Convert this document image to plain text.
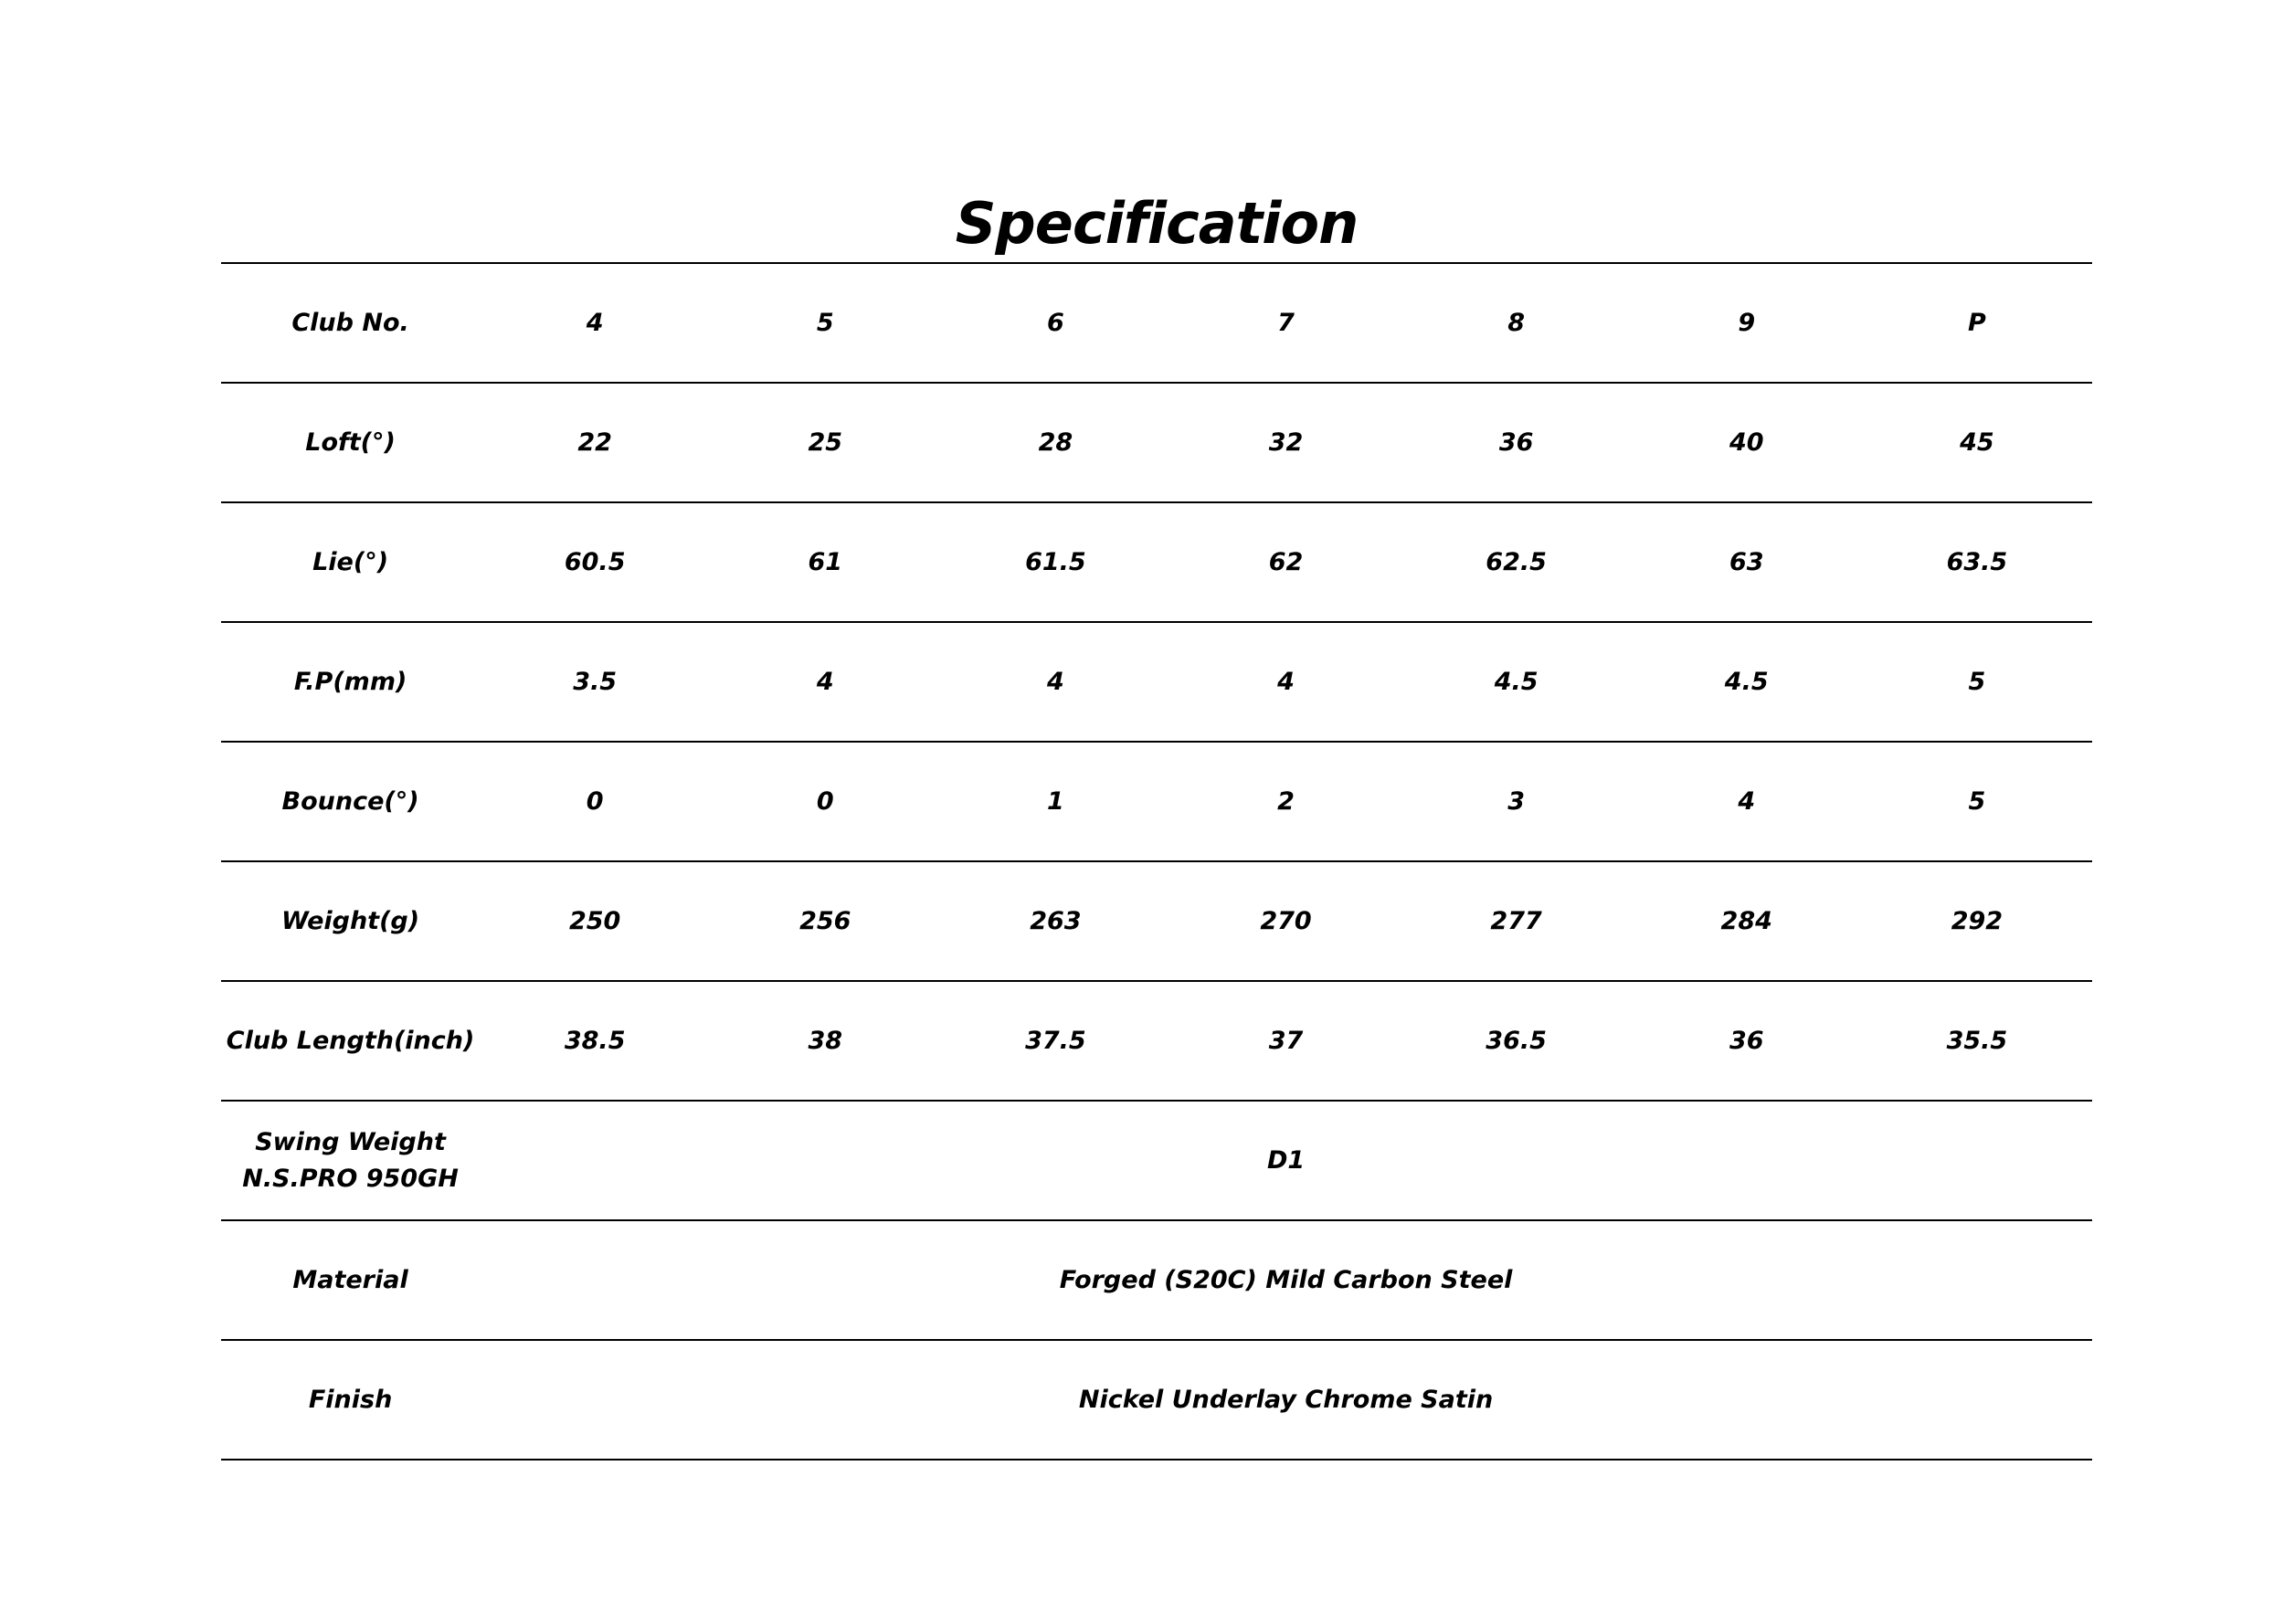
Specification
Club No.	4	5	6	7	8	9	P
Loft(°)	22	25	28	32	36	40	45
Lie(°)	60.5	61	61.5	62	62.5	63	63.5
F.P(mm)	3.5	4	4	4	4.5	4.5	5
Bounce(°)	0	0	1	2	3	4	5
Weight(g)	250	256	263	270	277	284	292
Club Length(inch)	38.5	38	37.5	37	36.5	36	35.5

Swing Weight
N.S.PRO 950GH	D1						
Material	Forged (S20C) Mild Carbon Steel						
Finish	Nickel Underlay Chrome Satin						
